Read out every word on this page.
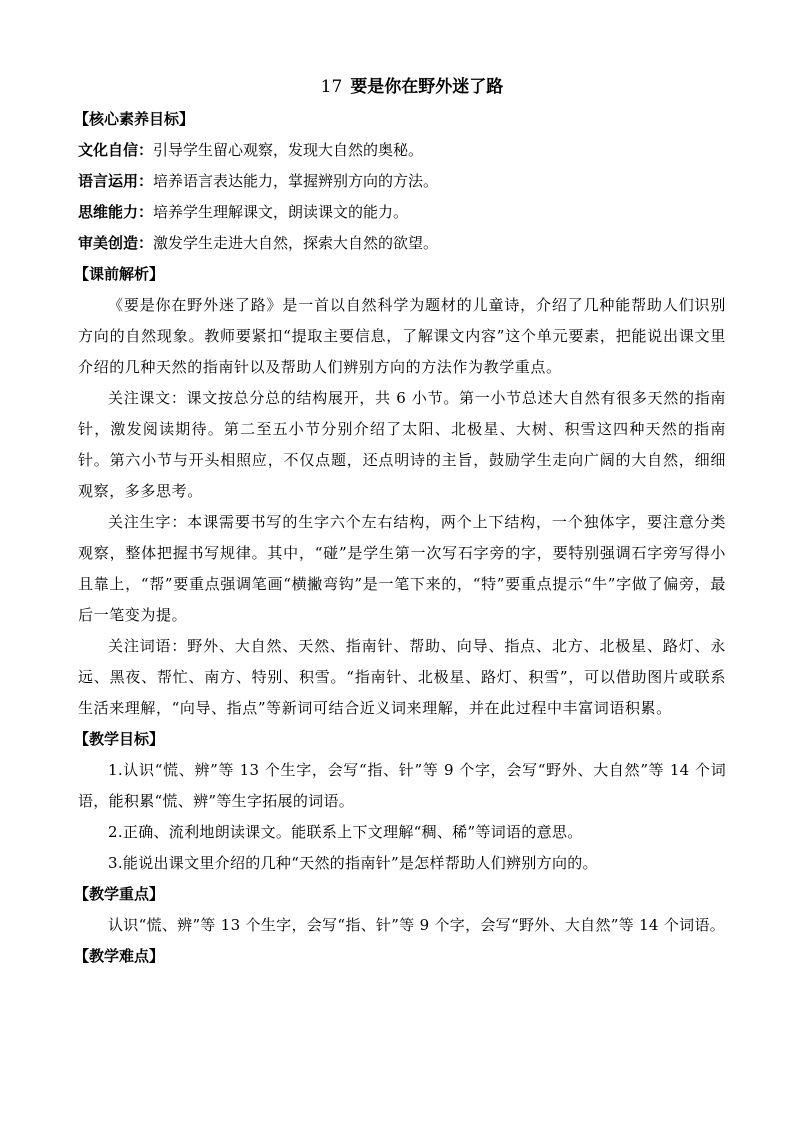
17 要是你在野外迷了路

【核心素养目标】

文化自信：引导学生留心观察，发现大自然的奥秘。

语言运用：培养语言表达能力，掌握辨别方向的方法。

思维能力：培养学生理解课文，朗读课文的能力。

审美创造：激发学生走进大自然，探索大自然的欲望。

【课前解析】

《要是你在野外迷了路》是一首以自然科学为题材的儿童诗，介绍了几种能帮助人们识别方向的自然现象。教师要紧扣“提取主要信息，了解课文内容”这个单元要素，把能说出课文里介绍的几种天然的指南针以及帮助人们辨别方向的方法作为教学重点。

关注课文：课文按总分总的结构展开，共 6 小节。第一小节总述大自然有很多天然的指南针，激发阅读期待。第二至五小节分别介绍了太阳、北极星、大树、积雪这四种天然的指南针。第六小节与开头相照应，不仅点题，还点明诗的主旨，鼓励学生走向广阔的大自然，细细观察，多多思考。

关注生字：本课需要书写的生字六个左右结构，两个上下结构，一个独体字，要注意分类观察，整体把握书写规律。其中，“碰”是学生第一次写石字旁的字，要特别强调石字旁写得小且靠上，“帮”要重点强调笔画“横撇弯钩”是一笔下来的，“特”要重点提示“牛”字做了偏旁，最后一笔变为提。

关注词语：野外、大自然、天然、指南针、帮助、向导、指点、北方、北极星、路灯、永远、黑夜、帮忙、南方、特别、积雪。“指南针、北极星、路灯、积雪”，可以借助图片或联系生活来理解，“向导、指点”等新词可结合近义词来理解，并在此过程中丰富词语积累。

【教学目标】

1.认识“慌、辨”等 13 个生字，会写“指、针”等 9 个字，会写“野外、大自然”等 14 个词语，能积累“慌、辨”等生字拓展的词语。

2.正确、流利地朗读课文。能联系上下文理解“稠、稀”等词语的意思。

3.能说出课文里介绍的几种“天然的指南针”是怎样帮助人们辨别方向的。

【教学重点】

认识“慌、辨”等 13 个生字，会写“指、针”等 9 个字，会写“野外、大自然”等 14 个词语。

【教学难点】
